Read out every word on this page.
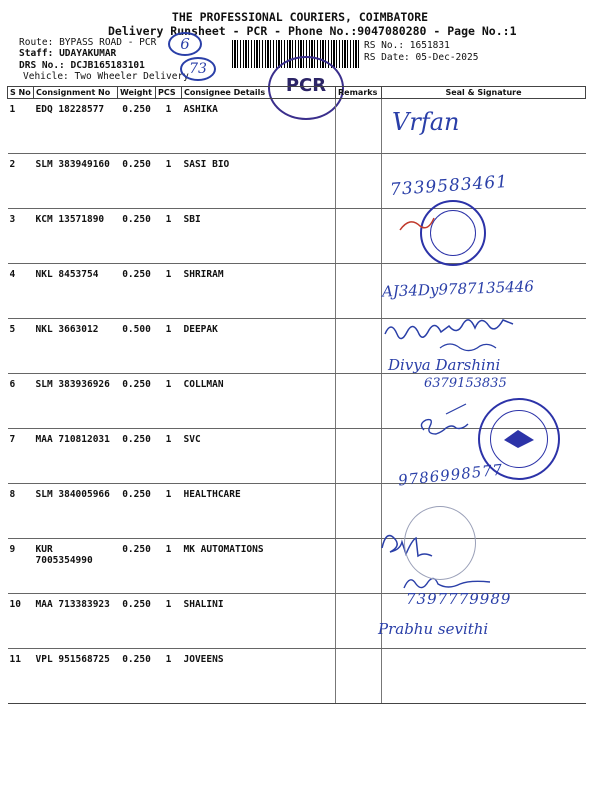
THE PROFESSIONAL COURIERS, COIMBATORE
Delivery Runsheet - PCR - Phone No.:9047080280 - Page No.:1
Route: BYPASS ROAD - PCR
Staff: UDAYAKUMAR
DRS No.: DCJB165183101
Vehicle: Two Wheeler Delivery
RS No.: 1651831
RS Date: 05-Dec-2025
6
73
PCR
S No	Consignment No	Weight	PCS	Consignee Details	Remarks	Seal & Signature
1	EDQ 18228577	0.250	1	ASHIKA		
2	SLM 383949160	0.250	1	SASI BIO		
3	KCM 13571890	0.250	1	SBI		
4	NKL 8453754	0.250	1	SHRIRAM		
5	NKL 3663012	0.500	1	DEEPAK		
6	SLM 383936926	0.250	1	COLLMAN		
7	MAA 710812031	0.250	1	SVC		
8	SLM 384005966	0.250	1	HEALTHCARE		
9	KUR 7005354990	0.250	1	MK AUTOMATIONS		
10	MAA 713383923	0.250	1	SHALINI		
11	VPL 951568725	0.250	1	JOVEENS		
Vrfan
7339583461
AJ34Dy9787135446
Divya Darshini
6379153835
9786998577
7397779989
Prabhu sevithi
